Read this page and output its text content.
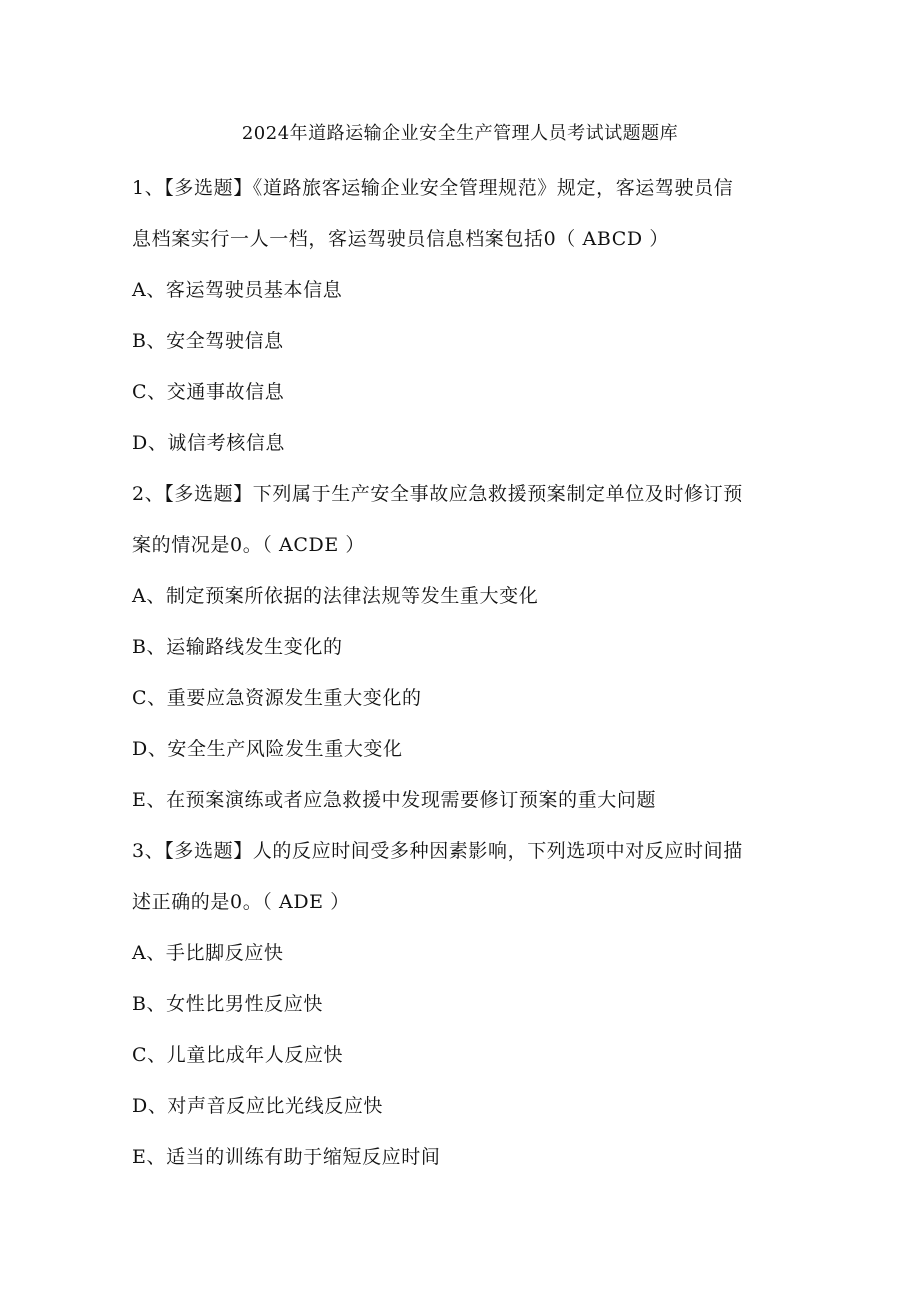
2024年道路运输企业安全生产管理人员考试试题题库
1、【多选题】《道路旅客运输企业安全管理规范》规定，客运驾驶员信
息档案实行一人一档，客运驾驶员信息档案包括0（ ABCD ）
A、客运驾驶员基本信息
B、安全驾驶信息
C、交通事故信息
D、诚信考核信息
2、【多选题】下列属于生产安全事故应急救援预案制定单位及时修订预
案的情况是0。（ ACDE ）
A、制定预案所依据的法律法规等发生重大变化
B、运输路线发生变化的
C、重要应急资源发生重大变化的
D、安全生产风险发生重大变化
E、在预案演练或者应急救援中发现需要修订预案的重大问题
3、【多选题】人的反应时间受多种因素影响，下列选项中对反应时间描
述正确的是0。（ ADE ）
A、手比脚反应快
B、女性比男性反应快
C、儿童比成年人反应快
D、对声音反应比光线反应快
E、适当的训练有助于缩短反应时间
